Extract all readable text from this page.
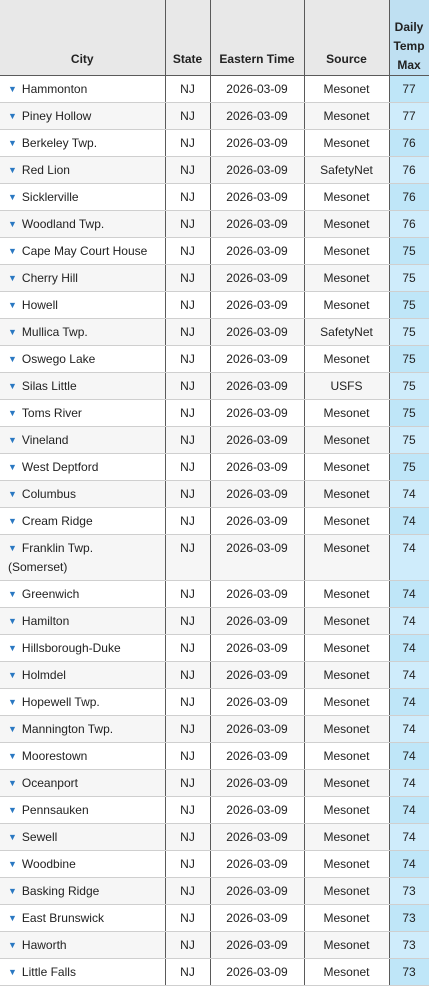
City	State	Eastern Time	Source	Daily
Temp
Max

▼ Hammonton	NJ	2026-03-09	Mesonet	77
▼ Piney Hollow	NJ	2026-03-09	Mesonet	77
▼ Berkeley Twp.	NJ	2026-03-09	Mesonet	76
▼ Red Lion	NJ	2026-03-09	SafetyNet	76
▼ Sicklerville	NJ	2026-03-09	Mesonet	76
▼ Woodland Twp.	NJ	2026-03-09	Mesonet	76
▼ Cape May Court House	NJ	2026-03-09	Mesonet	75
▼ Cherry Hill	NJ	2026-03-09	Mesonet	75
▼ Howell	NJ	2026-03-09	Mesonet	75
▼ Mullica Twp.	NJ	2026-03-09	SafetyNet	75
▼ Oswego Lake	NJ	2026-03-09	Mesonet	75
▼ Silas Little	NJ	2026-03-09	USFS	75
▼ Toms River	NJ	2026-03-09	Mesonet	75
▼ Vineland	NJ	2026-03-09	Mesonet	75
▼ West Deptford	NJ	2026-03-09	Mesonet	75
▼ Columbus	NJ	2026-03-09	Mesonet	74
▼ Cream Ridge	NJ	2026-03-09	Mesonet	74
▼ Franklin Twp.
(Somerset)	NJ	2026-03-09	Mesonet	74
▼ Greenwich	NJ	2026-03-09	Mesonet	74
▼ Hamilton	NJ	2026-03-09	Mesonet	74
▼ Hillsborough-Duke	NJ	2026-03-09	Mesonet	74
▼ Holmdel	NJ	2026-03-09	Mesonet	74
▼ Hopewell Twp.	NJ	2026-03-09	Mesonet	74
▼ Mannington Twp.	NJ	2026-03-09	Mesonet	74
▼ Moorestown	NJ	2026-03-09	Mesonet	74
▼ Oceanport	NJ	2026-03-09	Mesonet	74
▼ Pennsauken	NJ	2026-03-09	Mesonet	74
▼ Sewell	NJ	2026-03-09	Mesonet	74
▼ Woodbine	NJ	2026-03-09	Mesonet	74
▼ Basking Ridge	NJ	2026-03-09	Mesonet	73
▼ East Brunswick	NJ	2026-03-09	Mesonet	73
▼ Haworth	NJ	2026-03-09	Mesonet	73
▼ Little Falls	NJ	2026-03-09	Mesonet	73
